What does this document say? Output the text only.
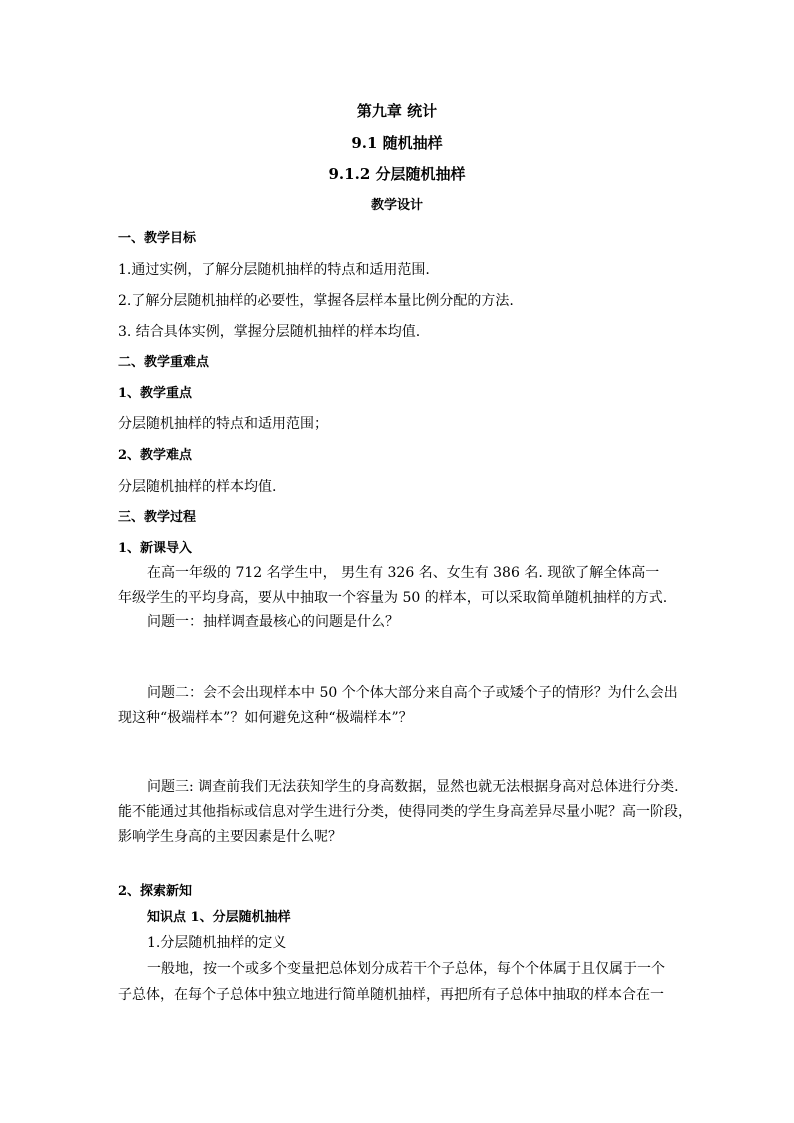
第九章 统计

9.1 随机抽样

9.1.2 分层随机抽样

教学设计

一、教学目标

1.通过实例，了解分层随机抽样的特点和适用范围.

2.了解分层随机抽样的必要性，掌握各层样本量比例分配的方法.

3. 结合具体实例，掌握分层随机抽样的样本均值.

二、教学重难点

1、教学重点

分层随机抽样的特点和适用范围；

2、教学难点

分层随机抽样的样本均值.

三、教学过程

1、新课导入

在高一年级的 712 名学生中， 男生有 326 名、女生有 386 名. 现欲了解全体高一

年级学生的平均身高，要从中抽取一个容量为 50 的样本，可以采取简单随机抽样的方式.

问题一：抽样调查最核心的问题是什么？

问题二：会不会出现样本中 50 个个体大部分来自高个子或矮个子的情形？为什么会出

现这种“极端样本”？如何避免这种“极端样本”？

问题三: 调查前我们无法获知学生的身高数据，显然也就无法根据身高对总体进行分类.

能不能通过其他指标或信息对学生进行分类，使得同类的学生身高差异尽量小呢？高一阶段，

影响学生身高的主要因素是什么呢？

2、探索新知

知识点 1、分层随机抽样

1.分层随机抽样的定义

一般地，按一个或多个变量把总体划分成若干个子总体，每个个体属于且仅属于一个

子总体，在每个子总体中独立地进行简单随机抽样，再把所有子总体中抽取的样本合在一
